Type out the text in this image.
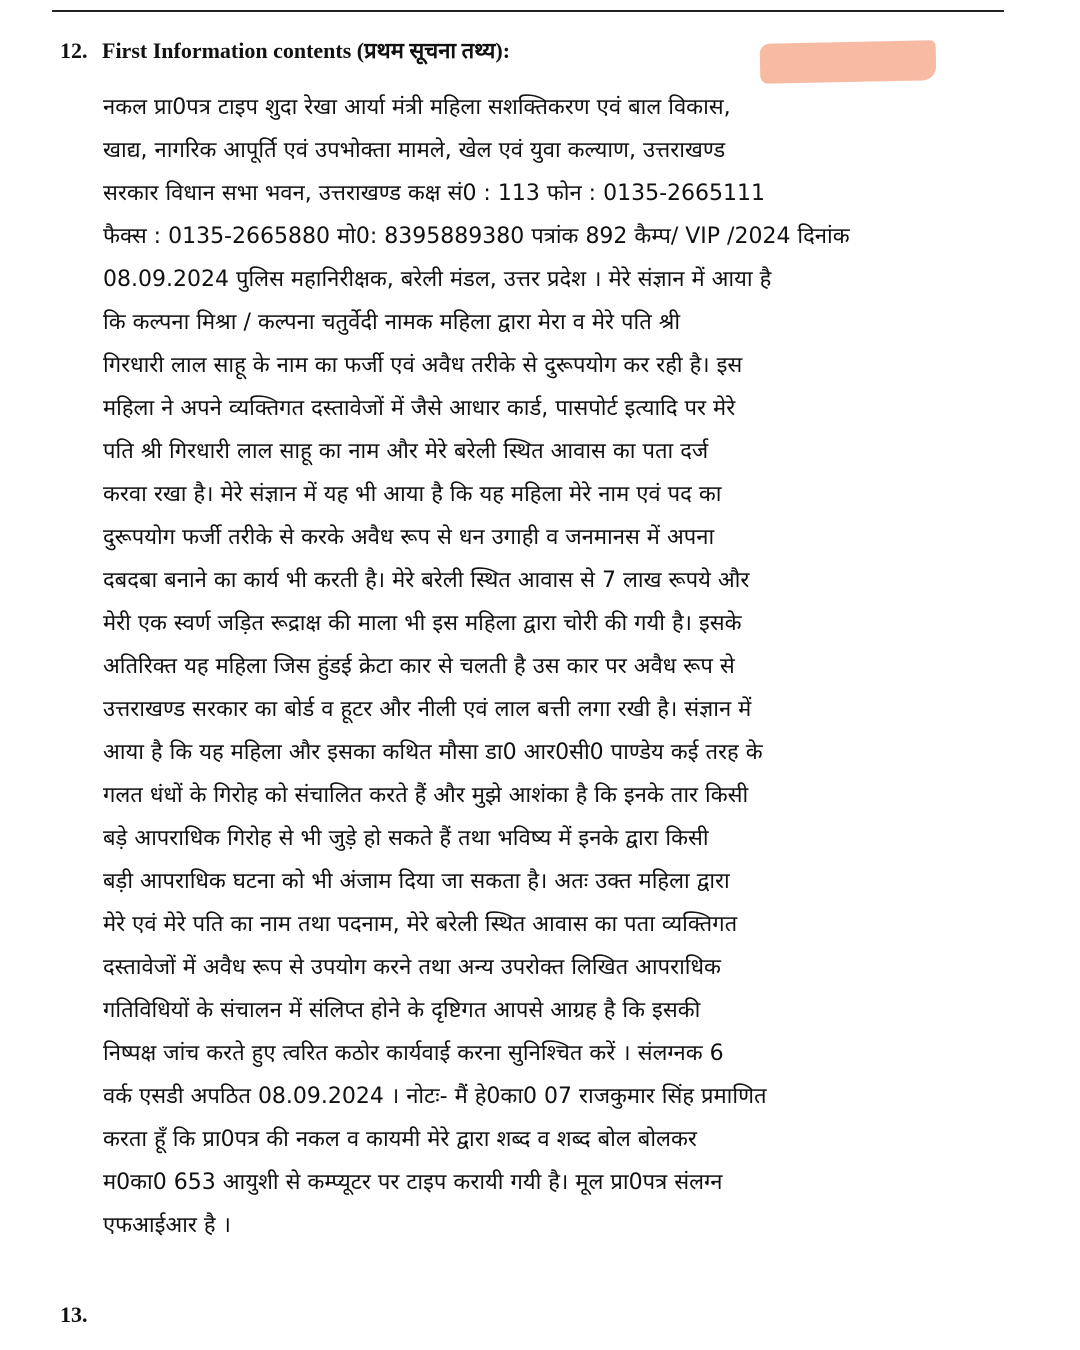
12. First Information contents (प्रथम सूचना तथ्य):
नकल प्रा0पत्र टाइप शुदा रेखा आर्या मंत्री महिला सशक्तिकरण एवं बाल विकास,
खाद्य, नागरिक आपूर्ति एवं उपभोक्ता मामले, खेल एवं युवा कल्याण, उत्तराखण्ड
सरकार विधान सभा भवन, उत्तराखण्ड कक्ष सं0 : 113 फोन : 0135-2665111
फैक्स : 0135-2665880 मो0: 8395889380 पत्रांक 892 कैम्प/ VIP /2024 दिनांक
08.09.2024 पुलिस महानिरीक्षक, बरेली मंडल, उत्तर प्रदेश । मेरे संज्ञान में आया है
कि कल्पना मिश्रा / कल्पना चतुर्वेदी नामक महिला द्वारा मेरा व मेरे पति श्री
गिरधारी लाल साहू के नाम का फर्जी एवं अवैध तरीके से दुरूपयोग कर रही है। इस
महिला ने अपने व्यक्तिगत दस्तावेजों में जैसे आधार कार्ड, पासपोर्ट इत्यादि पर मेरे
पति श्री गिरधारी लाल साहू का नाम और मेरे बरेली स्थित आवास का पता दर्ज
करवा रखा है। मेरे संज्ञान में यह भी आया है कि यह महिला मेरे नाम एवं पद का
दुरूपयोग फर्जी तरीके से करके अवैध रूप से धन उगाही व जनमानस में अपना
दबदबा बनाने का कार्य भी करती है। मेरे बरेली स्थित आवास से 7 लाख रूपये और
मेरी एक स्वर्ण जड़ित रूद्राक्ष की माला भी इस महिला द्वारा चोरी की गयी है। इसके
अतिरिक्त यह महिला जिस हुंडई क्रेटा कार से चलती है उस कार पर अवैध रूप से
उत्तराखण्ड सरकार का बोर्ड व हूटर और नीली एवं लाल बत्ती लगा रखी है। संज्ञान में
आया है कि यह महिला और इसका कथित मौसा डा0 आर0सी0 पाण्डेय कई तरह के
गलत धंधों के गिरोह को संचालित करते हैं और मुझे आशंका है कि इनके तार किसी
बड़े आपराधिक गिरोह से भी जुड़े हो सकते हैं तथा भविष्य में इनके द्वारा किसी
बड़ी आपराधिक घटना को भी अंजाम दिया जा सकता है। अतः उक्त महिला द्वारा
मेरे एवं मेरे पति का नाम तथा पदनाम, मेरे बरेली स्थित आवास का पता व्यक्तिगत
दस्तावेजों में अवैध रूप से उपयोग करने तथा अन्य उपरोक्त लिखित आपराधिक
गतिविधियों के संचालन में संलिप्त होने के दृष्टिगत आपसे आग्रह है कि इसकी
निष्पक्ष जांच करते हुए त्वरित कठोर कार्यवाई करना सुनिश्चित करें । संलग्नक 6
वर्क एसडी अपठित 08.09.2024 । नोटः- मैं हे0का0 07 राजकुमार सिंह प्रमाणित
करता हूँ कि प्रा0पत्र की नकल व कायमी मेरे द्वारा शब्द व शब्द बोल बोलकर
म0का0 653 आयुशी से कम्प्यूटर पर टाइप करायी गयी है। मूल प्रा0पत्र संलग्न
एफआईआर है ।
13.
